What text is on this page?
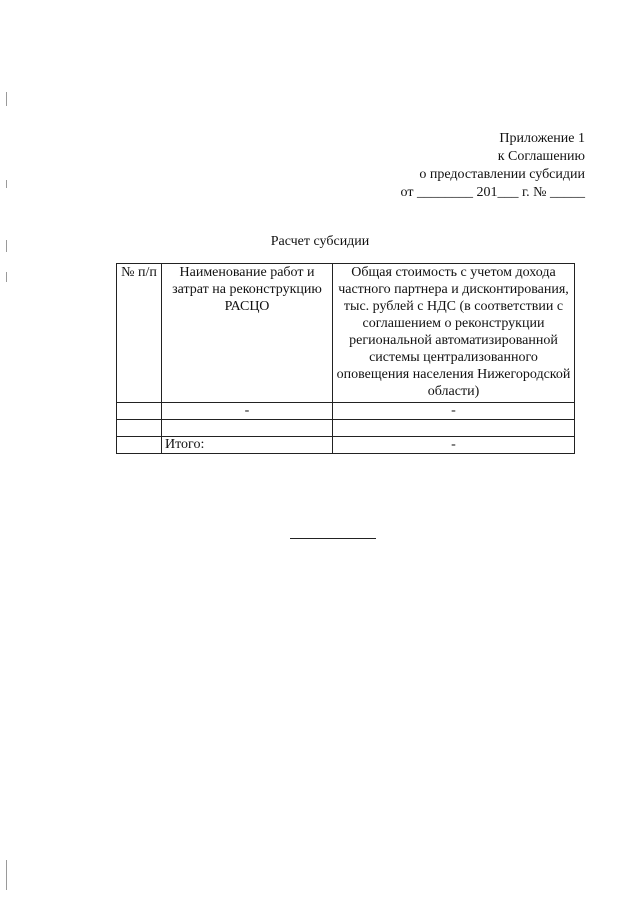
Приложение 1
к Соглашению
о предоставлении субсидии
от ________ 201___ г. № _____
Расчет субсидии
№ п/п	Наименование работ и затрат на реконструкцию РАСЦО	Общая стоимость с учетом дохода частного партнера и дисконтирования, тыс. рублей с НДС (в соответствии с соглашением о реконструкции региональной автоматизированной системы централизованного оповещения населения Нижегородской области)
	-	-

	Итого:	-
